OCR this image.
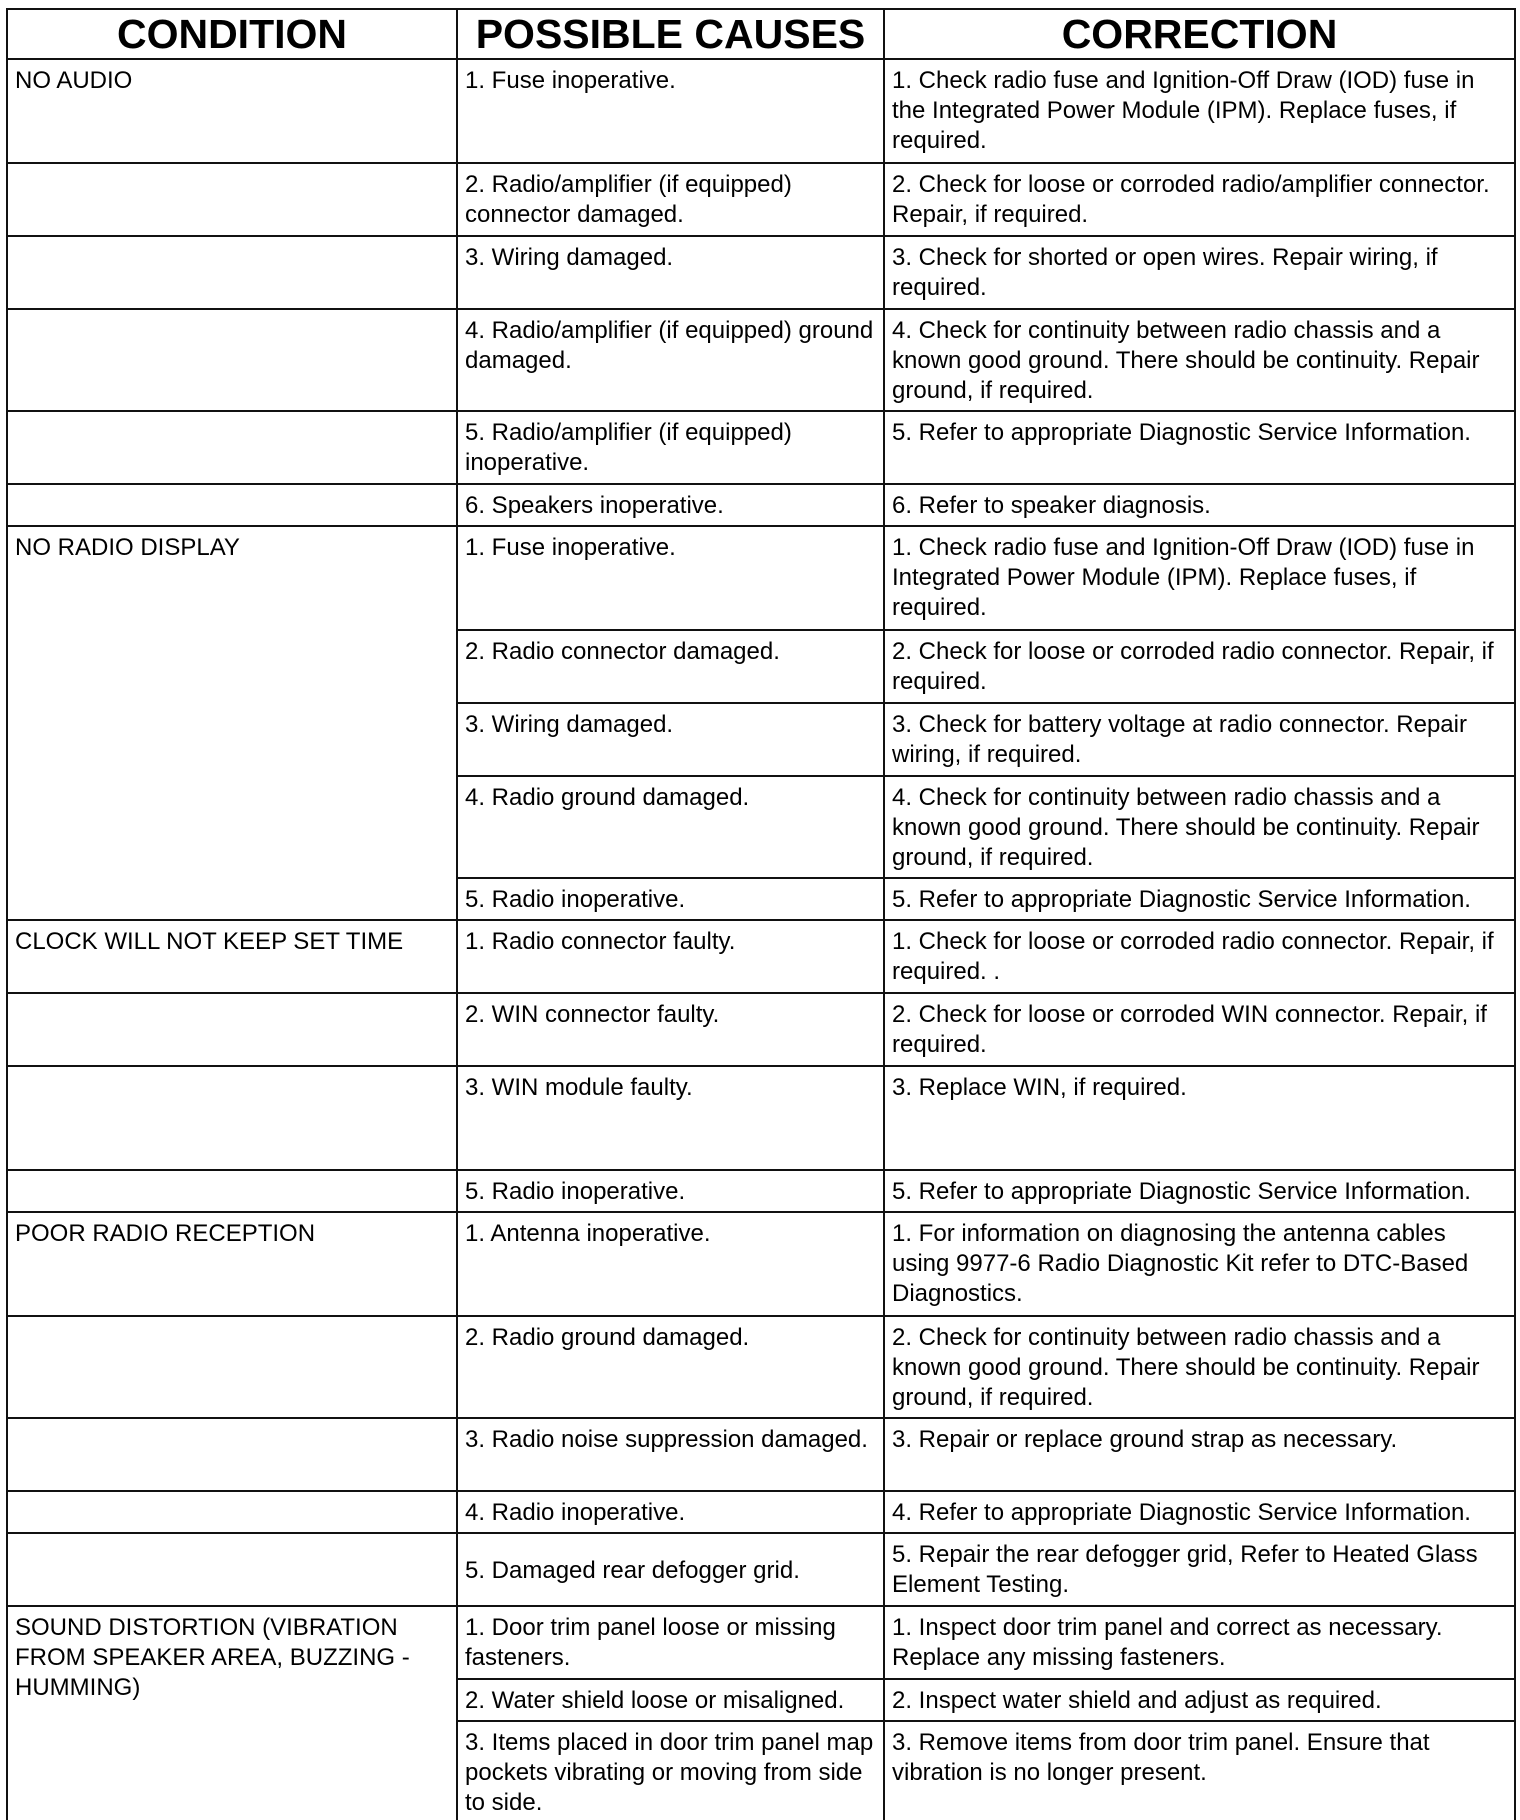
CONDITION	POSSIBLE CAUSES	CORRECTION
NO AUDIO	1. Fuse inoperative.	1. Check radio fuse and Ignition-Off Draw (IOD) fuse in the Integrated Power Module (IPM). Replace fuses, if required.
	2. Radio/amplifier (if equipped) connector damaged.	2. Check for loose or corroded radio/amplifier connector. Repair, if required.
	3. Wiring damaged.	3. Check for shorted or open wires. Repair wiring, if required.
	4. Radio/amplifier (if equipped) ground damaged.	4. Check for continuity between radio chassis and a known good ground. There should be continuity. Repair ground, if required.
	5. Radio/amplifier (if equipped) inoperative.	5. Refer to appropriate Diagnostic Service Information.
	6. Speakers inoperative.	6. Refer to speaker diagnosis.
NO RADIO DISPLAY	1. Fuse inoperative.	1. Check radio fuse and Ignition-Off Draw (IOD) fuse in Integrated Power Module (IPM). Replace fuses, if required.
	2. Radio connector damaged.	2. Check for loose or corroded radio connector. Repair, if required.
	3. Wiring damaged.	3. Check for battery voltage at radio connector. Repair wiring, if required.
	4. Radio ground damaged.	4. Check for continuity between radio chassis and a known good ground. There should be continuity. Repair ground, if required.
	5. Radio inoperative.	5. Refer to appropriate Diagnostic Service Information.
CLOCK WILL NOT KEEP SET TIME	1. Radio connector faulty.	1. Check for loose or corroded radio connector. Repair, if required. .
	2. WIN connector faulty.	2. Check for loose or corroded WIN connector. Repair, if required.
	3. WIN module faulty.	3. Replace WIN, if required.
	5. Radio inoperative.	5. Refer to appropriate Diagnostic Service Information.
POOR RADIO RECEPTION	1. Antenna inoperative.	1. For information on diagnosing the antenna cables using 9977-6 Radio Diagnostic Kit refer to DTC-Based Diagnostics.
	2. Radio ground damaged.	2. Check for continuity between radio chassis and a known good ground. There should be continuity. Repair ground, if required.
	3. Radio noise suppression damaged.	3. Repair or replace ground strap as necessary.
	4. Radio inoperative.	4. Refer to appropriate Diagnostic Service Information.
	5. Damaged rear defogger grid.	5. Repair the rear defogger grid, Refer to Heated Glass Element Testing.
SOUND DISTORTION (VIBRATION FROM SPEAKER AREA, BUZZING - HUMMING)	1. Door trim panel loose or missing fasteners.	1. Inspect door trim panel and correct as necessary. Replace any missing fasteners.
	2. Water shield loose or misaligned.	2. Inspect water shield and adjust as required.
	3. Items placed in door trim panel map pockets vibrating or moving from side to side.	3. Remove items from door trim panel. Ensure that vibration is no longer present.
